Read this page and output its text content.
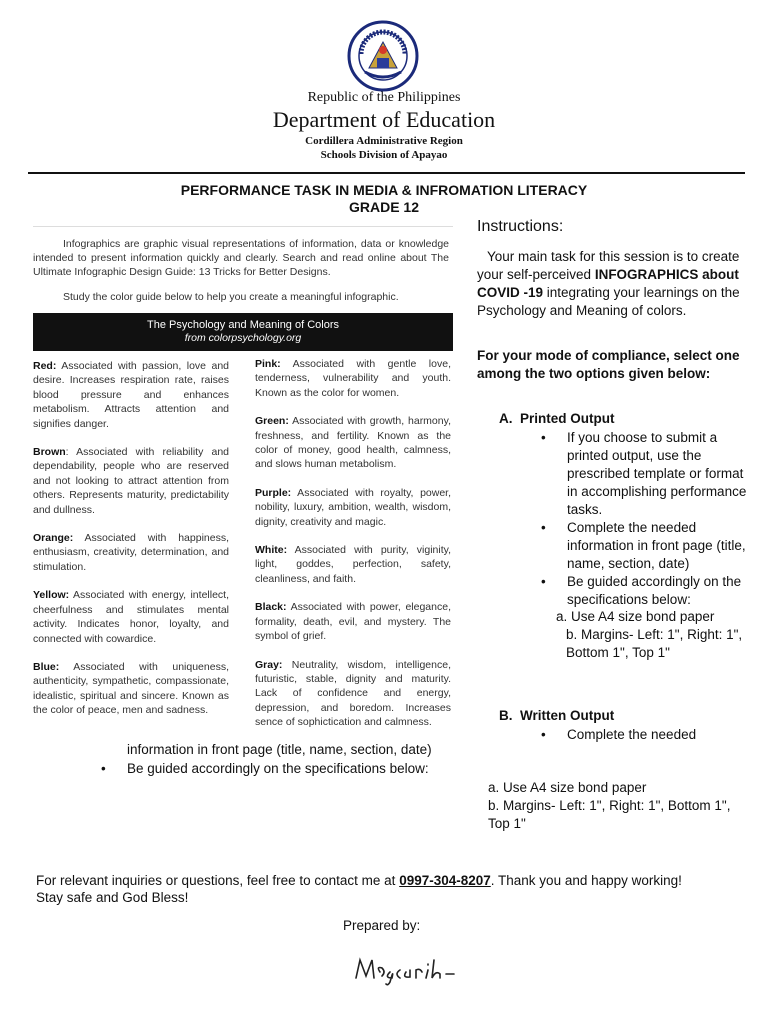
Republic of the Philippines
Department of Education
Cordillera Administrative Region
Schools Division of Apayao
PERFORMANCE TASK IN MEDIA & INFROMATION LITERACY
GRADE 12
Infographics are graphic visual representations of information, data or knowledge intended to present information quickly and clearly. Search and read online about The Ultimate Infographic Design Guide: 13 Tricks for Better Designs.
Study the color guide below to help you create a meaningful infographic.
The Psychology and Meaning of Colors
from colorpsychology.org

Red: Associated with passion, love and desire. Increases respiration rate, raises blood pressure and enhances metabolism. Attracts attention and signifies danger.

Brown: Associated with reliability and dependability, people who are reserved and not looking to attract attention from others. Represents maturity, predictability and dullness.

Orange: Associated with happiness, enthusiasm, creativity, determination, and stimulation.

Yellow: Associated with energy, intellect, cheerfulness and stimulates mental activity. Indicates honor, loyalty, and connected with cowardice.

Blue: Associated with uniqueness, authenticity, sympathetic, compassionate, idealistic, spiritual and sincere. Known as the color of peace, men and sadness.

Pink: Associated with gentle love, tenderness, vulnerability and youth. Known as the color for women.

Green: Associated with growth, harmony, freshness, and fertility. Known as the color of money, good health, calmness, and slows human metabolism.

Purple: Associated with royalty, power, nobility, luxury, ambition, wealth, wisdom, dignity, creativity and magic.

White: Associated with purity, viginity, light, goddes, perfection, safety, cleanliness, and faith.

Black: Associated with power, elegance, formality, death, evil, and mystery. The symbol of grief.

Gray: Neutrality, wisdom, intelligence, futuristic, stable, dignity and maturity. Lack of confidence and energy, depression, and boredom. Increases sence of sophictication and calmness.

information in front page (title, name, section, date)
Be guided accordingly on the specifications below:
Instructions:
Your main task for this session is to create your self-perceived INFOGRAPHICS about COVID -19 integrating your learnings on the Psychology and Meaning of colors.
For your mode of compliance, select one among the two options given below:
A. Printed Output
If you choose to submit a printed output, use the prescribed template or format in accomplishing performance tasks.
Complete the needed information in front page (title, name, section, date)
Be guided accordingly on the specifications below:
a. Use A4 size bond paper
b. Margins- Left: 1", Right: 1", Bottom 1", Top 1"
B. Written Output
Complete the needed
a. Use A4 size bond paper
b. Margins- Left: 1", Right: 1", Bottom 1", Top 1"
For relevant inquiries or questions, feel free to contact me at 0997-304-8207. Thank you and happy working!
Stay safe and God Bless!
Prepared by:
